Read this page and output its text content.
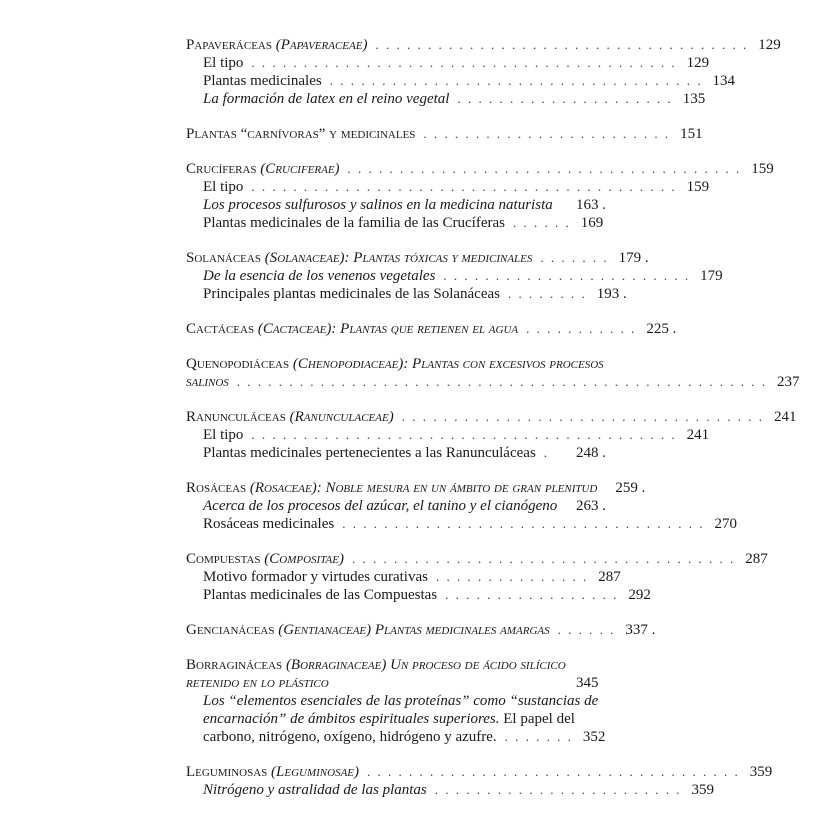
Papaveráceas (Papaveraceae) . . . . . . . . . . . . . . . . . . . . . . . . . . . . . . . . . . . . 129
El tipo . . . . . . . . . . . . . . . . . . . . . . . . . . . . . . . . . . . . . . . . . 129
Plantas medicinales . . . . . . . . . . . . . . . . . . . . . . . . . . . . . . . . . . . . 134
La formación de latex en el reino vegetal . . . . . . . . . . . . . . . . . . . . . 135
Plantas “carnívoras” y medicinales . . . . . . . . . . . . . . . . . . . . . . . . 151
Crucíferas (Cruciferae) . . . . . . . . . . . . . . . . . . . . . . . . . . . . . . . . . . . . . . 159
El tipo . . . . . . . . . . . . . . . . . . . . . . . . . . . . . . . . . . . . . . . . . 159
Los procesos sulfurosos y salinos en la medicina naturista 163 .
Plantas medicinales de la familia de las Crucíferas . . . . . . 169
Solanáceas (Solanaceae): Plantas tóxicas y medicinales . . . . . . . 179 .
De la esencia de los venenos vegetales . . . . . . . . . . . . . . . . . . . . . . . . 179
Principales plantas medicinales de las Solanáceas . . . . . . . . 193 .
Cactáceas (Cactaceae): Plantas que retienen el agua . . . . . . . . . . . 225 .
Quenopodiáceas (Chenopodiaceae): Plantas con excesivos procesos
salinos . . . . . . . . . . . . . . . . . . . . . . . . . . . . . . . . . . . . . . . . . . . . . . . . . . . 237
Ranunculáceas (Ranunculaceae) . . . . . . . . . . . . . . . . . . . . . . . . . . . . . . . . . . . 241
El tipo . . . . . . . . . . . . . . . . . . . . . . . . . . . . . . . . . . . . . . . . . 241
Plantas medicinales pertenecientes a las Ranunculáceas .	248 .
Rosáceas (Rosaceae): Noble mesura en un ámbito de gran plenitud 259 .
Acerca de los procesos del azúcar, el tanino y el cianógeno 263 .
Rosáceas medicinales . . . . . . . . . . . . . . . . . . . . . . . . . . . . . . . . . . . 270
Compuestas (Compositae) . . . . . . . . . . . . . . . . . . . . . . . . . . . . . . . . . . . . . 287
Motivo formador y virtudes curativas . . . . . . . . . . . . . . . 287
Plantas medicinales de las Compuestas . . . . . . . . . . . . . . . . . 292
Gencianáceas (Gentianaceae) Plantas medicinales amargas . . . . . . 337 .
Borragináceas (Borraginaceae) Un proceso de ácido silícico
retenido en lo plástico	345
Los “elementos esenciales de las proteínas” como “sustancias de
encarnación” de ámbitos espirituales superiores. El papel del
carbono, nitrógeno, oxígeno, hidrógeno y azufre. . . . . . . . 352
Leguminosas (Leguminosae) . . . . . . . . . . . . . . . . . . . . . . . . . . . . . . . . . . . . 359
Nitrógeno y astralidad de las plantas . . . . . . . . . . . . . . . . . . . . . . . . 359
